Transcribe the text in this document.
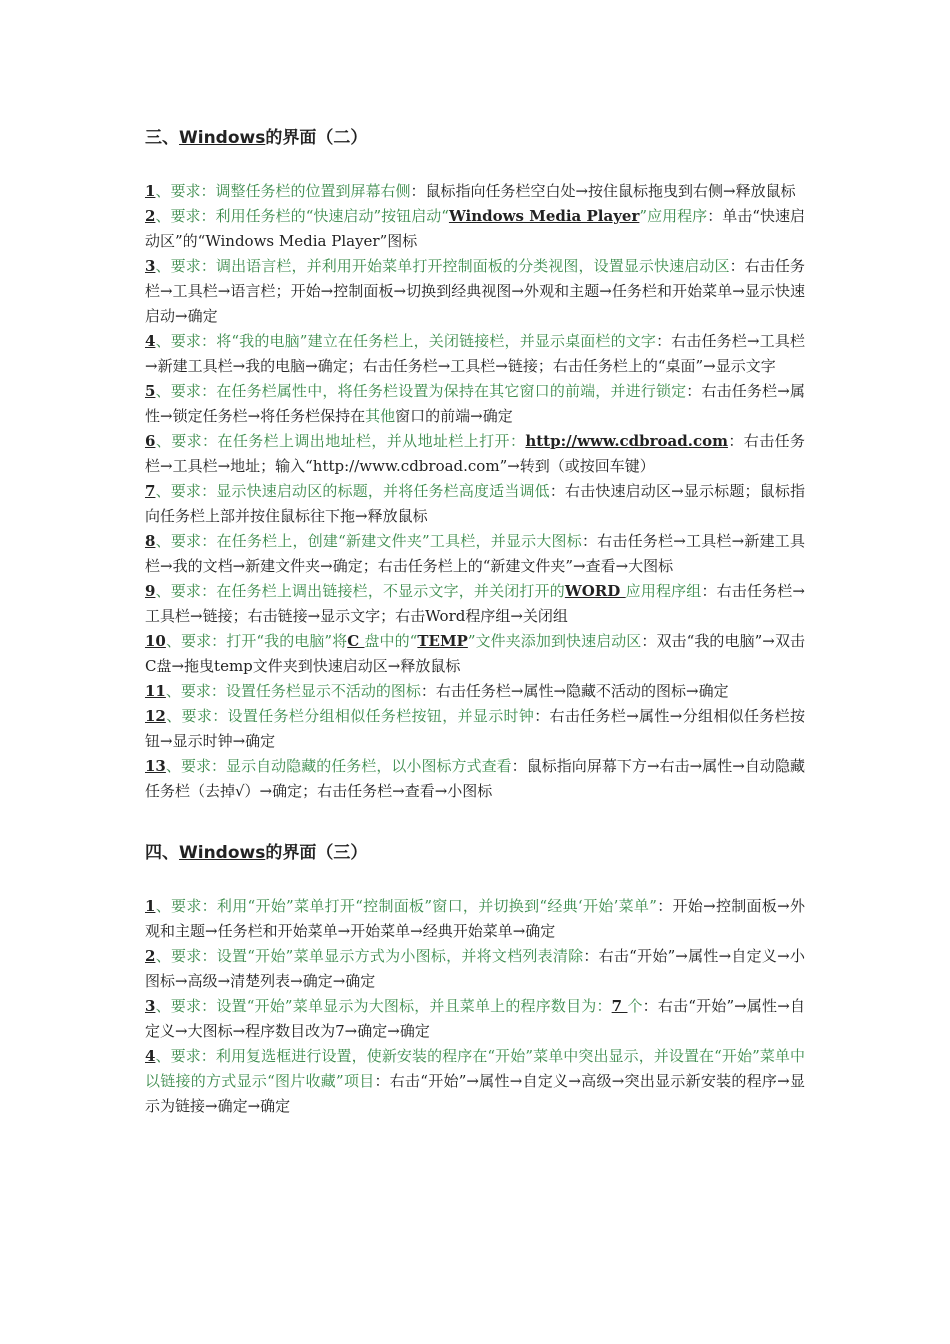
三、Windows的界面（二）

1、要求：调整任务栏的位置到屏幕右侧：鼠标指向任务栏空白处→按住鼠标拖曳到右侧→释放鼠标

2、要求：利用任务栏的“快速启动”按钮启动“Windows Media Player”应用程序：单击“快速启动区”的“Windows Media Player”图标

3、要求：调出语言栏，并利用开始菜单打开控制面板的分类视图，设置显示快速启动区：右击任务栏→工具栏→语言栏；开始→控制面板→切换到经典视图→外观和主题→任务栏和开始菜单→显示快速启动→确定

4、要求：将“我的电脑”建立在任务栏上，关闭链接栏，并显示桌面栏的文字：右击任务栏→工具栏→新建工具栏→我的电脑→确定；右击任务栏→工具栏→链接；右击任务栏上的“桌面”→显示文字

5、要求：在任务栏属性中，将任务栏设置为保持在其它窗口的前端，并进行锁定：右击任务栏→属性→锁定任务栏→将任务栏保持在其他窗口的前端→确定

6、要求：在任务栏上调出地址栏，并从地址栏上打开：http://www.cdbroad.com：右击任务栏→工具栏→地址；输入“http://www.cdbroad.com”→转到（或按回车键）

7、要求：显示快速启动区的标题，并将任务栏高度适当调低：右击快速启动区→显示标题；鼠标指向任务栏上部并按住鼠标往下拖→释放鼠标

8、要求：在任务栏上，创建“新建文件夹”工具栏，并显示大图标：右击任务栏→工具栏→新建工具栏→我的文档→新建文件夹→确定；右击任务栏上的“新建文件夹”→查看→大图标

9、要求：在任务栏上调出链接栏，不显示文字，并关闭打开的WORD 应用程序组：右击任务栏→工具栏→链接；右击链接→显示文字；右击Word程序组→关闭组

10、要求：打开“我的电脑”将C 盘中的“TEMP”文件夹添加到快速启动区：双击“我的电脑”→双击C盘→拖曳temp文件夹到快速启动区→释放鼠标

11、要求：设置任务栏显示不活动的图标：右击任务栏→属性→隐藏不活动的图标→确定

12、要求：设置任务栏分组相似任务栏按钮，并显示时钟：右击任务栏→属性→分组相似任务栏按钮→显示时钟→确定

13、要求：显示自动隐藏的任务栏，以小图标方式查看：鼠标指向屏幕下方→右击→属性→自动隐藏任务栏（去掉√）→确定；右击任务栏→查看→小图标

四、Windows的界面（三）

1、要求：利用“开始”菜单打开“控制面板”窗口，并切换到“经典‘开始’菜单”：开始→控制面板→外观和主题→任务栏和开始菜单→开始菜单→经典开始菜单→确定

2、要求：设置“开始”菜单显示方式为小图标，并将文档列表清除：右击“开始”→属性→自定义→小图标→高级→清楚列表→确定→确定

3、要求：设置“开始”菜单显示为大图标，并且菜单上的程序数目为：7 个：右击“开始”→属性→自定义→大图标→程序数目改为7→确定→确定

4、要求：利用复选框进行设置，使新安装的程序在“开始”菜单中突出显示，并设置在“开始”菜单中以链接的方式显示“图片收藏”项目：右击“开始”→属性→自定义→高级→突出显示新安装的程序→显示为链接→确定→确定
